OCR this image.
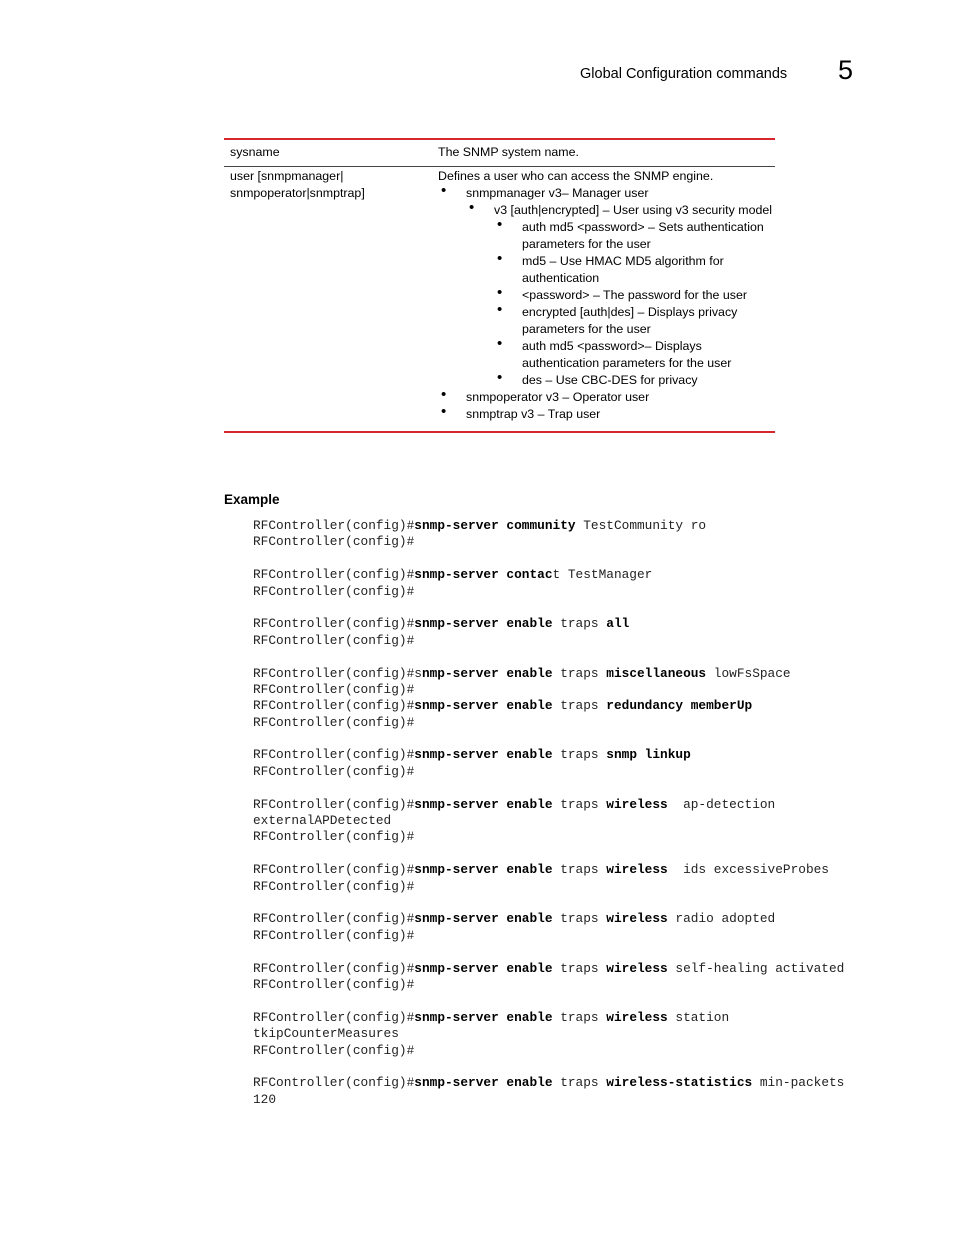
Global Configuration commands 5
sysname	The SNMP system name.
user [snmpmanager|
snmpoperator|snmptrap]
Defines a user who can access the SNMP engine.
• snmpmanager v3– Manager user
• v3 [auth|encrypted] – User using v3 security model
• auth md5 <password> – Sets authentication parameters for the user
• md5 – Use HMAC MD5 algorithm for authentication
• <password> – The password for the user
• encrypted [auth|des] – Displays privacy parameters for the user
• auth md5 <password>– Displays authentication parameters for the user
• des – Use CBC-DES for privacy
• snmpoperator v3 – Operator user
• snmptrap v3 – Trap user
Example
RFController(config)#snmp-server community TestCommunity ro
RFController(config)#
RFController(config)#snmp-server contact TestManager
RFController(config)#
RFController(config)#snmp-server enable traps all
RFController(config)#
RFController(config)#snmp-server enable traps miscellaneous lowFsSpace
RFController(config)#
RFController(config)#snmp-server enable traps redundancy memberUp
RFController(config)#
RFController(config)#snmp-server enable traps snmp linkup
RFController(config)#
RFController(config)#snmp-server enable traps wireless  ap-detection
externalAPDetected
RFController(config)#
RFController(config)#snmp-server enable traps wireless  ids excessiveProbes
RFController(config)#
RFController(config)#snmp-server enable traps wireless radio adopted
RFController(config)#
RFController(config)#snmp-server enable traps wireless self-healing activated
RFController(config)#
RFController(config)#snmp-server enable traps wireless station
tkipCounterMeasures
RFController(config)#
RFController(config)#snmp-server enable traps wireless-statistics min-packets
120
